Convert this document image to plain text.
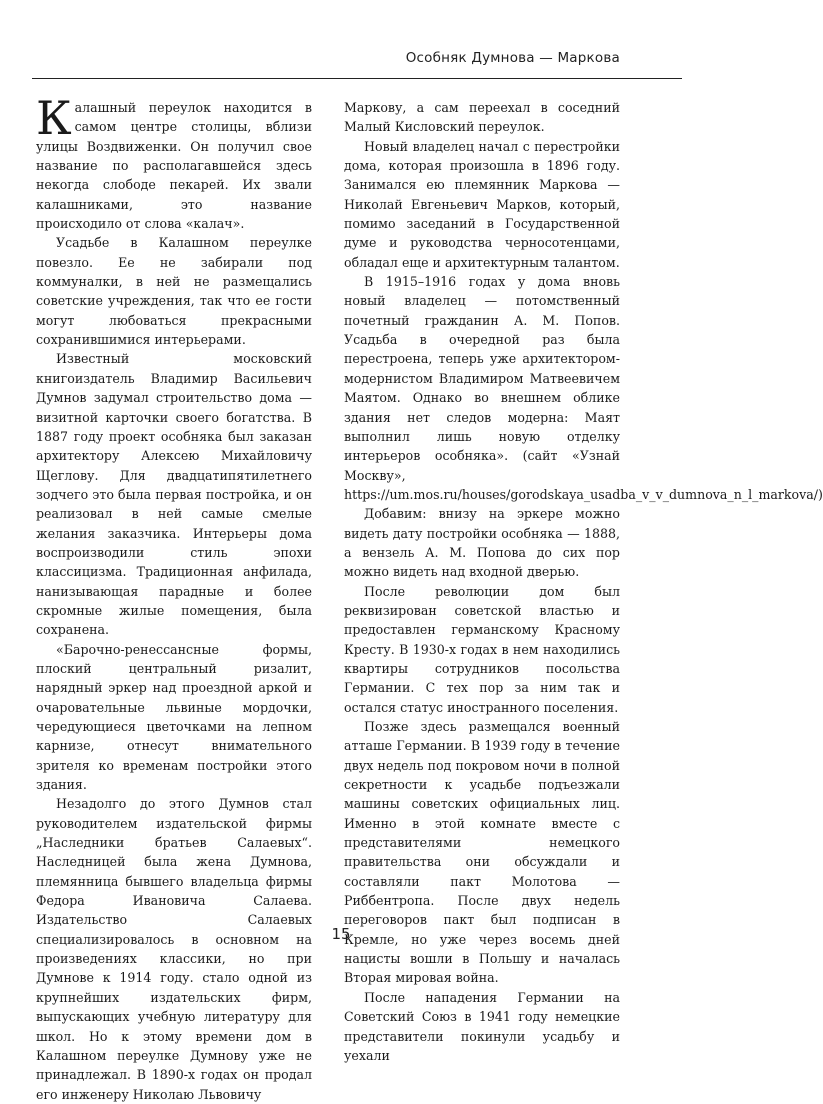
Особняк Думнова — Маркова

Калашный переулок находится в самом центре столицы, вблизи улицы Воздвиженки. Он получил свое название по располагавшейся здесь некогда слободе пекарей. Их звали калашниками, это название происходило от слова «калач».

Усадьбе в Калашном переулке повезло. Ее не забирали под коммуналки, в ней не размещались советские учреждения, так что ее гости могут любоваться прекрасными сохранившимися интерьерами.

Известный московский книгоиздатель Владимир Васильевич Думнов задумал строительство дома — визитной карточки своего богатства. В 1887 году проект особняка был заказан архитектору Алексею Михайловичу Щеглову. Для двадцатипятилетнего зодчего это была первая постройка, и он реализовал в ней самые смелые желания заказчика. Интерьеры дома воспроизводили стиль эпохи классицизма. Традиционная анфилада, нанизывающая парадные и более скромные жилые помещения, была сохранена.

«Барочно-ренессансные формы, плоский центральный ризалит, нарядный эркер над проездной аркой и очаровательные львиные мордочки, чередующиеся цветочками на лепном карнизе, отнесут внимательного зрителя ко временам постройки этого здания.

Незадолго до этого Думнов стал руководителем издательской фирмы „Наследники братьев Салаевых“. Наследницей была жена Думнова, племянница бывшего владельца фирмы Федора Ивановича Салаева. Издательство Салаевых специализировалось в основном на произведениях классики, но при Думнове к 1914 году. стало одной из крупнейших издательских фирм, выпускающих учебную литературу для школ. Но к этому времени дом в Калашном переулке Думнову уже не принадлежал. В 1890-х годах он продал его инженеру Николаю Львовичу

Маркову, а сам переехал в соседний Малый Кисловский переулок.

Новый владелец начал с перестройки дома, которая произошла в 1896 году. Занимался ею племянник Маркова — Николай Евгеньевич Марков, который, помимо заседаний в Государственной думе и руководства черносотенцами, обладал еще и архитектурным талантом.

В 1915–1916 годах у дома вновь новый владелец — потомственный почетный гражданин А. М. Попов. Усадьба в очередной раз была перестроена, теперь уже архитектором-модернистом Владимиром Матвеевичем Маятом. Однако во внешнем облике здания нет следов модерна: Маят выполнил лишь новую отделку интерьеров особняка». (сайт «Узнай Москву», https://um.mos.ru/houses/gorodskaya_usadba_v_v_dumnova_n_l_markova/)

Добавим: внизу на эркере можно видеть дату постройки особняка — 1888, а вензель А. М. Попова до сих пор можно видеть над входной дверью.

После революции дом был реквизирован советской властью и предоставлен германскому Красному Кресту. В 1930-х годах в нем находились квартиры сотрудников посольства Германии. С тех пор за ним так и остался статус иностранного поселения.

Позже здесь размещался военный атташе Германии. В 1939 году в течение двух недель под покровом ночи в полной секретности к усадьбе подъезжали машины советских официальных лиц. Именно в этой комнате вместе с представителями немецкого правительства они обсуждали и составляли пакт Молотова — Риббентропа. После двух недель переговоров пакт был подписан в Кремле, но уже через восемь дней нацисты вошли в Польшу и началась Вторая мировая война.

После нападения Германии на Советский Союз в 1941 году немецкие представители покинули усадьбу и уехали

15
